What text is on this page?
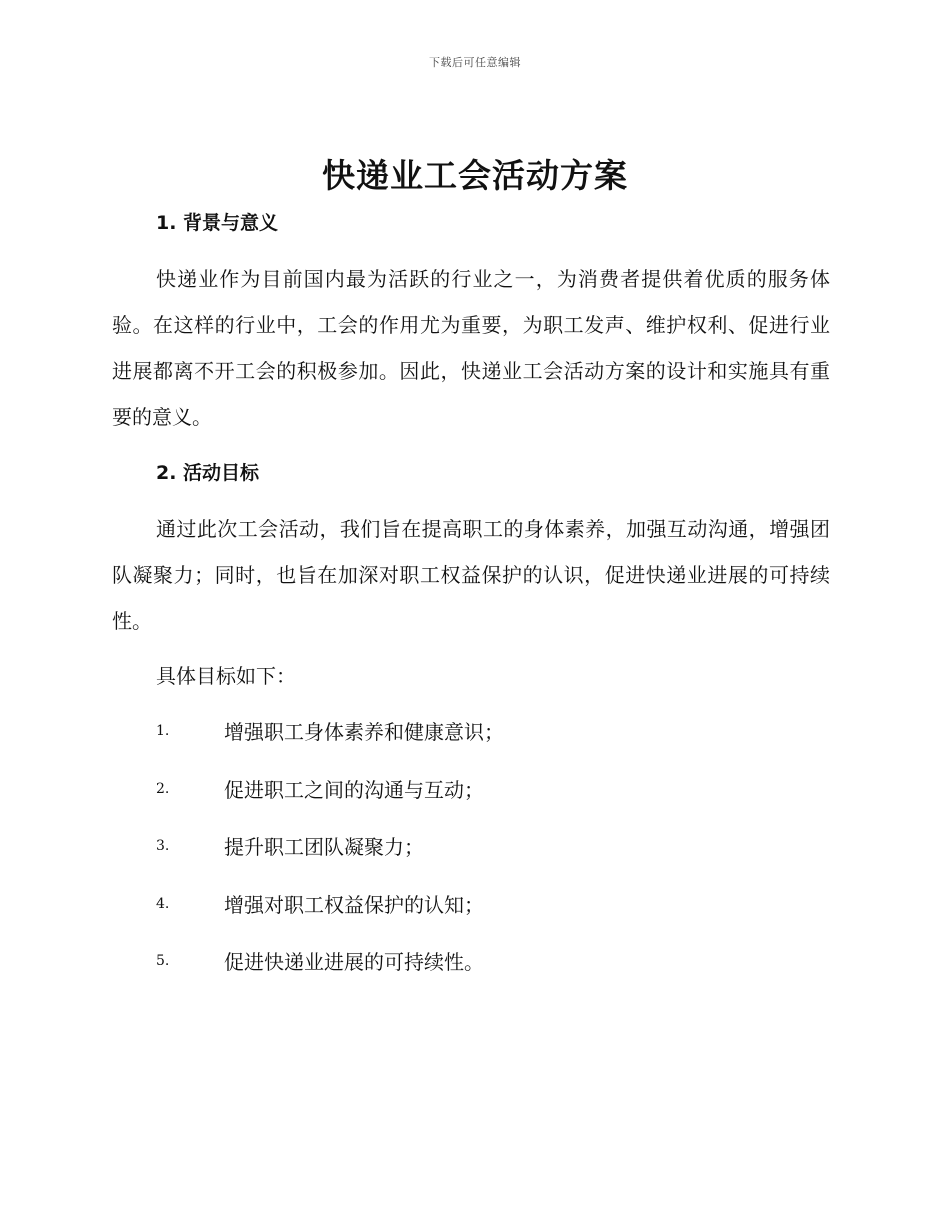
下载后可任意编辑
快递业工会活动方案
1. 背景与意义

快递业作为目前国内最为活跃的行业之一，为消费者提供着优质的服务体验。在这样的行业中，工会的作用尤为重要，为职工发声、维护权利、促进行业进展都离不开工会的积极参加。因此，快递业工会活动方案的设计和实施具有重要的意义。

2. 活动目标

通过此次工会活动，我们旨在提高职工的身体素养，加强互动沟通，增强团队凝聚力；同时，也旨在加深对职工权益保护的认识，促进快递业进展的可持续性。

具体目标如下：

1.	增强职工身体素养和健康意识；
2.	促进职工之间的沟通与互动；
3.	提升职工团队凝聚力；
4.	增强对职工权益保护的认知；
5.	促进快递业进展的可持续性。
